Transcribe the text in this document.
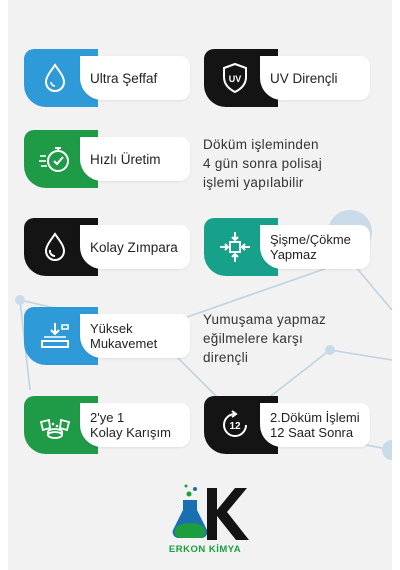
Ultra Şeffaf	UV UV Dirençli
Hızlı Üretim
Döküm işleminden
4 gün sonra polisaj
işlemi yapılabilir
Kolay Zımpara	Şişme/Çökme
Yapmaz
Yüksek
Mukavemet
Yumuşama yapmaz
eğilmelere karşı
dirençli
2'ye 1
Kolay Karışım	12
2.Döküm İşlemi
12 Saat Sonra
ERKON KİMYA
